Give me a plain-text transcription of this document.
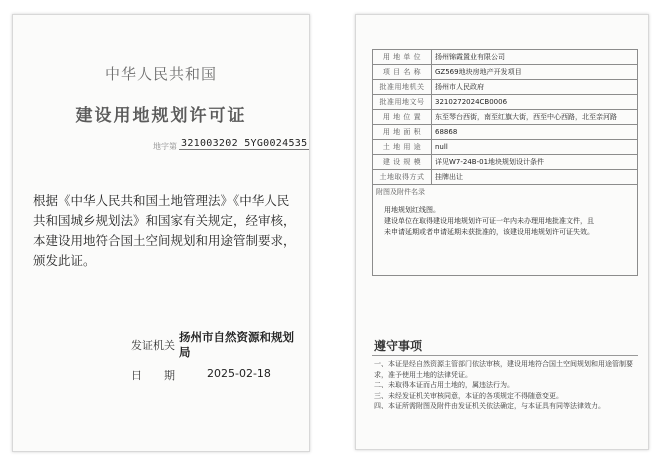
中华人民共和国
建设用地规划许可证
地字第 321003202 5YG0024535
根据《中华人民共和国土地管理法》《中华人民共和国城乡规划法》和国家有关规定，经审核，本建设用地符合国土空间规划和用途管制要求，颁发此证。
发证机关
扬州市自然资源和规划局
日　　期	2025-02-18
用 地 单 位	扬州锦霞置业有限公司
项 目 名 称	GZ569地块房地产开发项目
批准用地机关	扬州市人民政府
批准用地文号	3210272024CB0006
用 地 位 置	东至琴台西街，南至红旗大街，西至中心西路，北至亲河路
用 地 面 积	68868
土 地 用 途	null
建 设 规 模	详见W7-24B-01地块规划设计条件
土地取得方式	挂牌出让

附图及附件名录
用地规划红线图。
建设单位在取得建设用地规划许可证一年内未办理用地批准文件，且
未申请延期或者申请延期未获批准的，该建设用地规划许可证失效。	
遵守事项
一、本证是经自然资源主管部门依法审核，建设用地符合国土空间规划和用途管制要求，准予使用土地的法律凭证。
二、未取得本证而占用土地的，属违法行为。
三、未经发证机关审核同意，本证的各项规定不得随意变更。
四、本证所需附图及附件由发证机关依法确定，与本证具有同等法律效力。
